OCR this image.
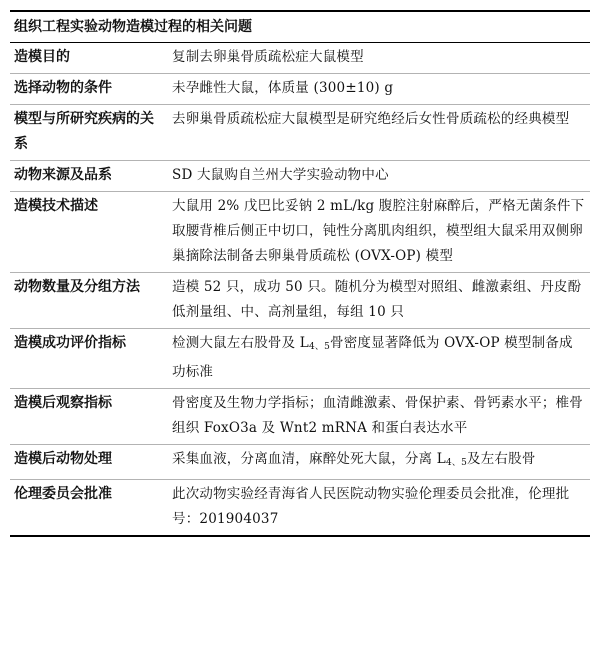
组织工程实验动物造模过程的相关问题
造模目的	复制去卵巢骨质疏松症大鼠模型
选择动物的条件	未孕雌性大鼠，体质量 (300±10) g
模型与所研究疾病的关系	去卵巢骨质疏松症大鼠模型是研究绝经后女性骨质疏松的经典模型
动物来源及品系	SD 大鼠购自兰州大学实验动物中心
造模技术描述	大鼠用 2% 戊巴比妥钠 2 mL/kg 腹腔注射麻醉后，严格无菌条件下取腰背椎后侧正中切口，钝性分离肌肉组织，模型组大鼠采用双侧卵巢摘除法制备去卵巢骨质疏松 (OVX-OP) 模型
动物数量及分组方法	造模 52 只，成功 50 只。随机分为模型对照组、雌激素组、丹皮酚低剂量组、中、高剂量组，每组 10 只
造模成功评价指标	检测大鼠左右股骨及 $L_{4、5}$骨密度显著降低为 OVX-OP 模型制备成功标准
造模后观察指标	骨密度及生物力学指标；血清雌激素、骨保护素、骨钙素水平；椎骨组织 FoxO3a 及 Wnt2 mRNA 和蛋白表达水平
造模后动物处理	采集血液，分离血清，麻醉处死大鼠，分离 $L_{4、5}$及左右股骨
伦理委员会批准	此次动物实验经青海省人民医院动物实验伦理委员会批准，伦理批号：201904037
